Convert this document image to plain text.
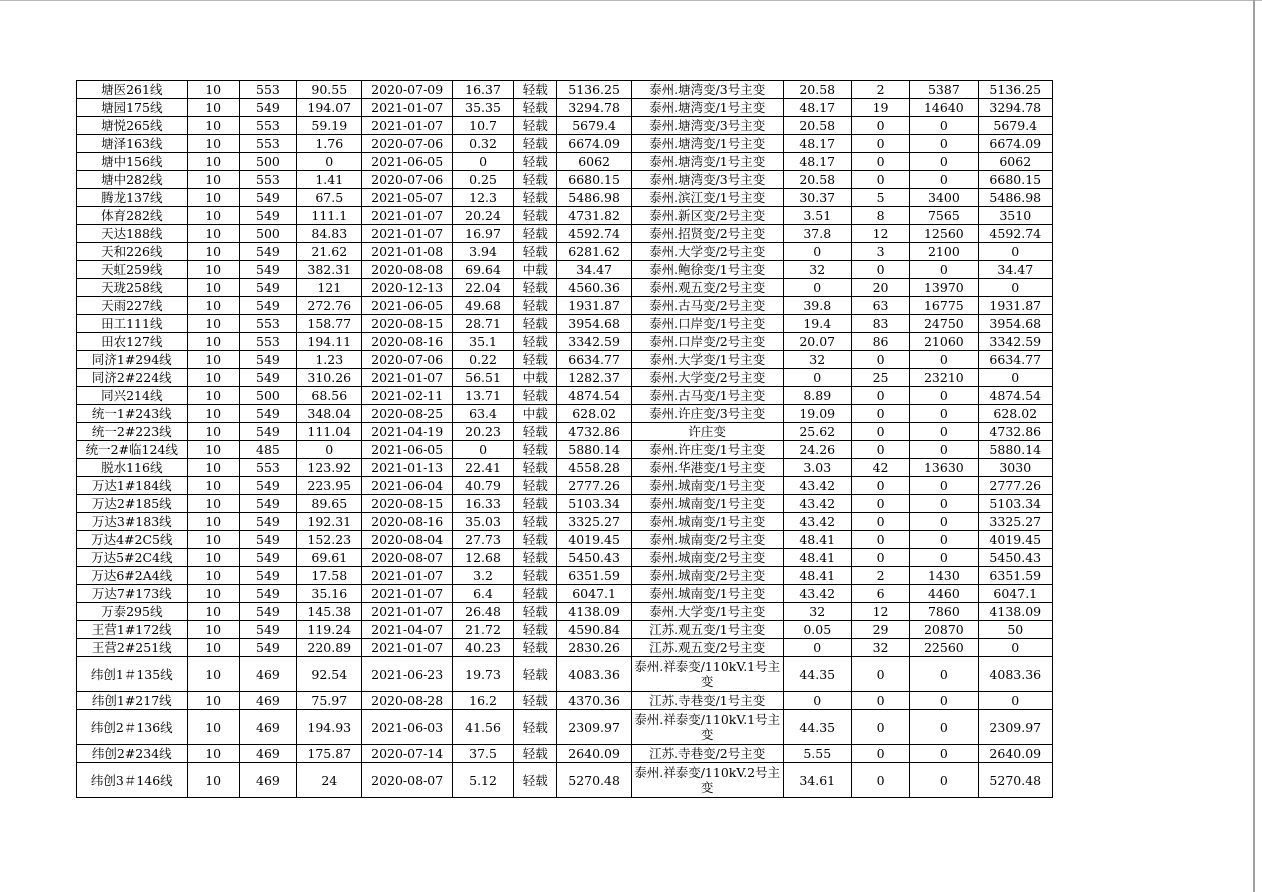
塘医261线	10	553	90.55	2020-07-09	16.37	轻载	5136.25	泰州.塘湾变/3号主变	20.58	2	5387	5136.25
塘园175线	10	549	194.07	2021-01-07	35.35	轻载	3294.78	泰州.塘湾变/1号主变	48.17	19	14640	3294.78
塘悦265线	10	553	59.19	2021-01-07	10.7	轻载	5679.4	泰州.塘湾变/3号主变	20.58	0	0	5679.4
塘泽163线	10	553	1.76	2020-07-06	0.32	轻载	6674.09	泰州.塘湾变/1号主变	48.17	0	0	6674.09
塘中156线	10	500	0	2021-06-05	0	轻载	6062	泰州.塘湾变/1号主变	48.17	0	0	6062
塘中282线	10	553	1.41	2020-07-06	0.25	轻载	6680.15	泰州.塘湾变/3号主变	20.58	0	0	6680.15
腾龙137线	10	549	67.5	2021-05-07	12.3	轻载	5486.98	泰州.滨江变/1号主变	30.37	5	3400	5486.98
体育282线	10	549	111.1	2021-01-07	20.24	轻载	4731.82	泰州.新区变/2号主变	3.51	8	7565	3510
天达188线	10	500	84.83	2021-01-07	16.97	轻载	4592.74	泰州.招贤变/2号主变	37.8	12	12560	4592.74
天和226线	10	549	21.62	2021-01-08	3.94	轻载	6281.62	泰州.大学变/2号主变	0	3	2100	0
天虹259线	10	549	382.31	2020-08-08	69.64	中载	34.47	泰州.鲍徐变/1号主变	32	0	0	34.47
天珑258线	10	549	121	2020-12-13	22.04	轻载	4560.36	泰州.观五变/2号主变	0	20	13970	0
天雨227线	10	549	272.76	2021-06-05	49.68	轻载	1931.87	泰州.古马变/2号主变	39.8	63	16775	1931.87
田工111线	10	553	158.77	2020-08-15	28.71	轻载	3954.68	泰州.口岸变/1号主变	19.4	83	24750	3954.68
田农127线	10	553	194.11	2020-08-16	35.1	轻载	3342.59	泰州.口岸变/2号主变	20.07	86	21060	3342.59
同济1#294线	10	549	1.23	2020-07-06	0.22	轻载	6634.77	泰州.大学变/1号主变	32	0	0	6634.77
同济2#224线	10	549	310.26	2021-01-07	56.51	中载	1282.37	泰州.大学变/2号主变	0	25	23210	0
同兴214线	10	500	68.56	2021-02-11	13.71	轻载	4874.54	泰州.古马变/1号主变	8.89	0	0	4874.54
统一1#243线	10	549	348.04	2020-08-25	63.4	中载	628.02	泰州.许庄变/3号主变	19.09	0	0	628.02
统一2#223线	10	549	111.04	2021-04-19	20.23	轻载	4732.86	许庄变	25.62	0	0	4732.86
统一2#临124线	10	485	0	2021-06-05	0	轻载	5880.14	泰州.许庄变/1号主变	24.26	0	0	5880.14
脱水116线	10	553	123.92	2021-01-13	22.41	轻载	4558.28	泰州.华港变/1号主变	3.03	42	13630	3030
万达1#184线	10	549	223.95	2021-06-04	40.79	轻载	2777.26	泰州.城南变/1号主变	43.42	0	0	2777.26
万达2#185线	10	549	89.65	2020-08-15	16.33	轻载	5103.34	泰州.城南变/1号主变	43.42	0	0	5103.34
万达3#183线	10	549	192.31	2020-08-16	35.03	轻载	3325.27	泰州.城南变/1号主变	43.42	0	0	3325.27
万达4#2C5线	10	549	152.23	2020-08-04	27.73	轻载	4019.45	泰州.城南变/2号主变	48.41	0	0	4019.45
万达5#2C4线	10	549	69.61	2020-08-07	12.68	轻载	5450.43	泰州.城南变/2号主变	48.41	0	0	5450.43
万达6#2A4线	10	549	17.58	2021-01-07	3.2	轻载	6351.59	泰州.城南变/2号主变	48.41	2	1430	6351.59
万达7#173线	10	549	35.16	2021-01-07	6.4	轻载	6047.1	泰州.城南变/1号主变	43.42	6	4460	6047.1
万泰295线	10	549	145.38	2021-01-07	26.48	轻载	4138.09	泰州.大学变/1号主变	32	12	7860	4138.09
王营1#172线	10	549	119.24	2021-04-07	21.72	轻载	4590.84	江苏.观五变/1号主变	0.05	29	20870	50
王营2#251线	10	549	220.89	2021-01-07	40.23	轻载	2830.26	江苏.观五变/2号主变	0	32	22560	0
纬创1＃135线	10	469	92.54	2021-06-23	19.73	轻载	4083.36	泰州.祥泰变/110kV.1号主变	44.35	0	0	4083.36
纬创1#217线	10	469	75.97	2020-08-28	16.2	轻载	4370.36	江苏.寺巷变/1号主变	0	0	0	0
纬创2＃136线	10	469	194.93	2021-06-03	41.56	轻载	2309.97	泰州.祥泰变/110kV.1号主变	44.35	0	0	2309.97
纬创2#234线	10	469	175.87	2020-07-14	37.5	轻载	2640.09	江苏.寺巷变/2号主变	5.55	0	0	2640.09
纬创3＃146线	10	469	24	2020-08-07	5.12	轻载	5270.48	泰州.祥泰变/110kV.2号主变	34.61	0	0	5270.48
